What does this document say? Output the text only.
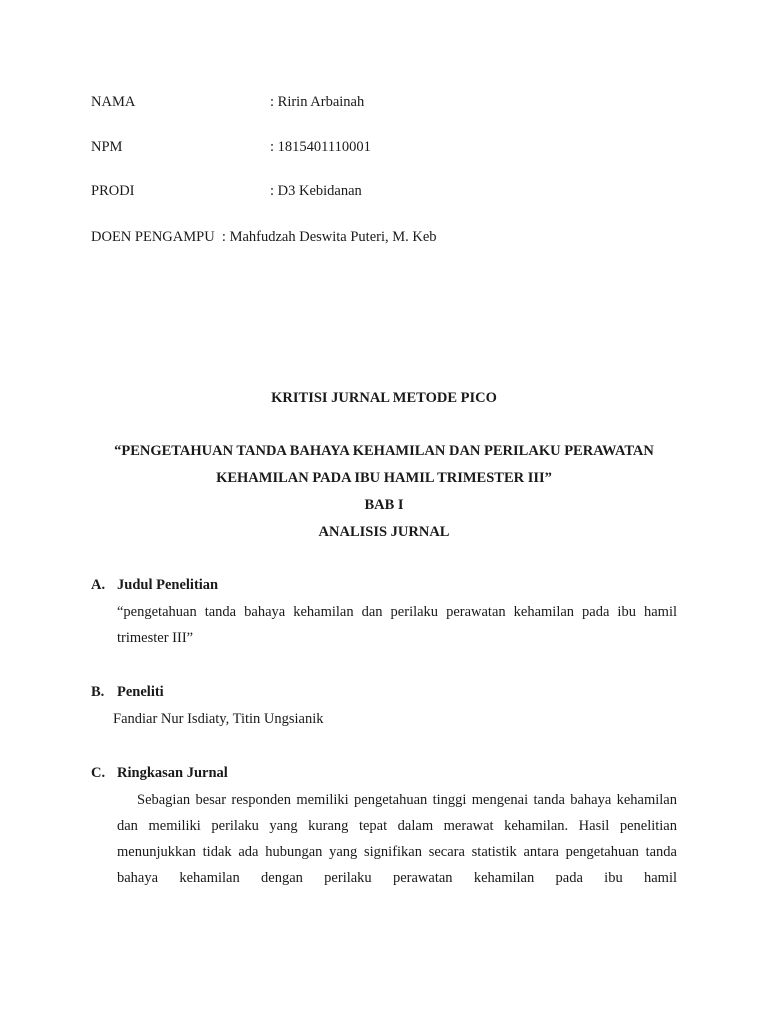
NAMA	: Ririn Arbainah
NPM	: 1815401110001
PRODI	: D3 Kebidanan
DOEN PENGAMPU  : Mahfudzah Deswita Puteri, M. Keb
KRITISI JURNAL METODE PICO
“PENGETAHUAN TANDA BAHAYA KEHAMILAN DAN PERILAKU PERAWATAN
KEHAMILAN PADA IBU HAMIL TRIMESTER III”
BAB I
ANALISIS JURNAL
A. Judul Penelitian
“pengetahuan tanda bahaya kehamilan dan perilaku perawatan kehamilan pada ibu hamil trimester III”
B. Peneliti
Fandiar Nur Isdiaty, Titin Ungsianik
C. Ringkasan Jurnal
Sebagian besar responden memiliki pengetahuan tinggi mengenai tanda bahaya kehamilan dan memiliki perilaku yang kurang tepat dalam merawat kehamilan. Hasil penelitian menunjukkan tidak ada hubungan yang signifikan secara statistik antara pengetahuan tanda bahaya kehamilan dengan perilaku perawatan kehamilan pada ibu hamil
